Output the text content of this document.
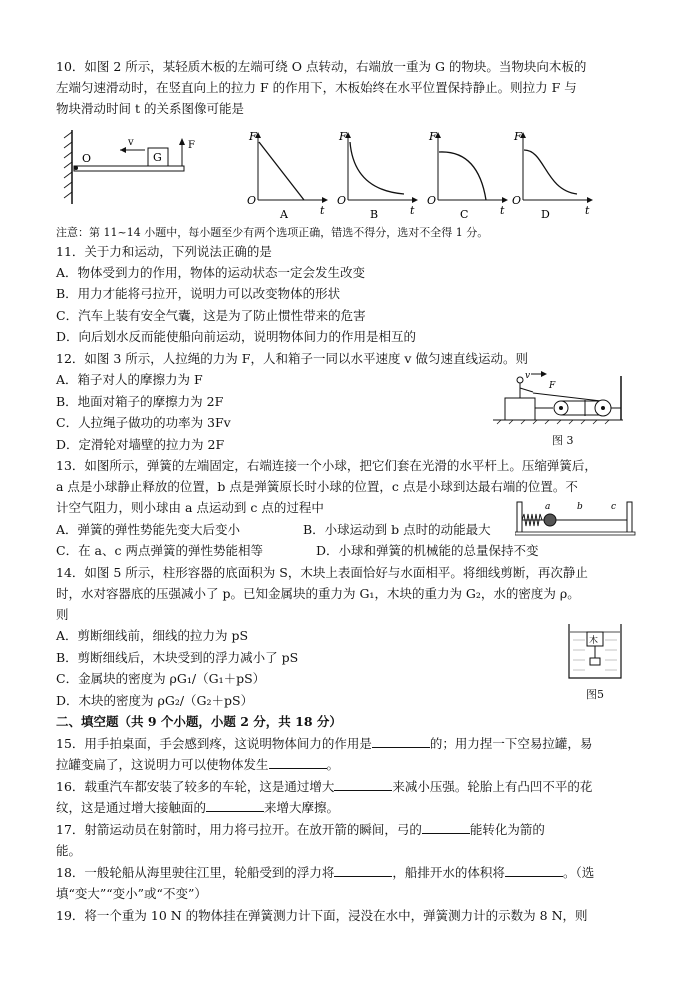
10．如图 2 所示，某轻质木板的左端可绕 O 点转动，右端放一重为 G 的物块。当物块向木板的
左端匀速滑动时，在竖直向上的拉力 F 的作用下，木板始终在水平位置保持静止。则拉力 F 与
物块滑动时间 t 的关系图像可能是
O	G
v	F
F
O
t
A
F
O
t
B
F
O
t
C
F
O
t
D
注意：第 11~14 小题中，每小题至少有两个选项正确，错选不得分，选对不全得 1 分。
11．关于力和运动，下列说法正确的是
A．物体受到力的作用，物体的运动状态一定会发生改变
B．用力才能将弓拉开，说明力可以改变物体的形状
C．汽车上装有安全气囊，这是为了防止惯性带来的危害
D．向后划水反而能使船向前运动，说明物体间力的作用是相互的
12．如图 3 所示，人拉绳的力为 F，人和箱子一同以水平速度 v 做匀速直线运动。则
A．箱子对人的摩擦力为 F
B．地面对箱子的摩擦力为 2F
C．人拉绳子做功的功率为 3Fv
D．定滑轮对墙壁的拉力为 2F
v
F
图 3
13．如图所示，弹簧的左端固定，右端连接一个小球，把它们套在光滑的水平杆上。压缩弹簧后，
a 点是小球静止释放的位置，b 点是弹簧原长时小球的位置，c 点是小球到达最右端的位置。不
计空气阻力，则小球由 a 点运动到 c 点的过程中
A．弹簧的弹性势能先变大后变小	B．小球运动到 b 点时的动能最大
C．在 a、c 两点弹簧的弹性势能相等	D．小球和弹簧的机械能的总量保持不变
a	b	c
14．如图 5 所示，柱形容器的底面积为 S，木块上表面恰好与水面相平。将细线剪断，再次静止
时，水对容器底的压强减小了 p。已知金属块的重力为 G₁，木块的重力为 G₂，水的密度为 ρ。
则
A．剪断细线前，细线的拉力为 pS
B．剪断细线后，木块受到的浮力减小了 pS
C．金属块的密度为 ρG₁/（G₁＋pS）
D．木块的密度为 ρG₂/（G₂＋pS）
木
图5
二、填空题（共 9 个小题，小题 2 分，共 18 分）
15．用手拍桌面，手会感到疼，这说明物体间力的作用是	的；用力捏一下空易拉罐，易
拉罐变扁了，这说明力可以使物体发生	。
16．载重汽车都安装了较多的车轮，这是通过增大	来减小压强。轮胎上有凸凹不平的花
纹，这是通过增大接触面的	来增大摩擦。
17．射箭运动员在射箭时，用力将弓拉开。在放开箭的瞬间，弓的	能转化为箭的
能。
18．一般轮船从海里驶往江里，轮船受到的浮力将	，船排开水的体积将	。（选
填“变大”“变小”或“不变”）
19．将一个重为 10 N 的物体挂在弹簧测力计下面，浸没在水中，弹簧测力计的示数为 8 N，则
